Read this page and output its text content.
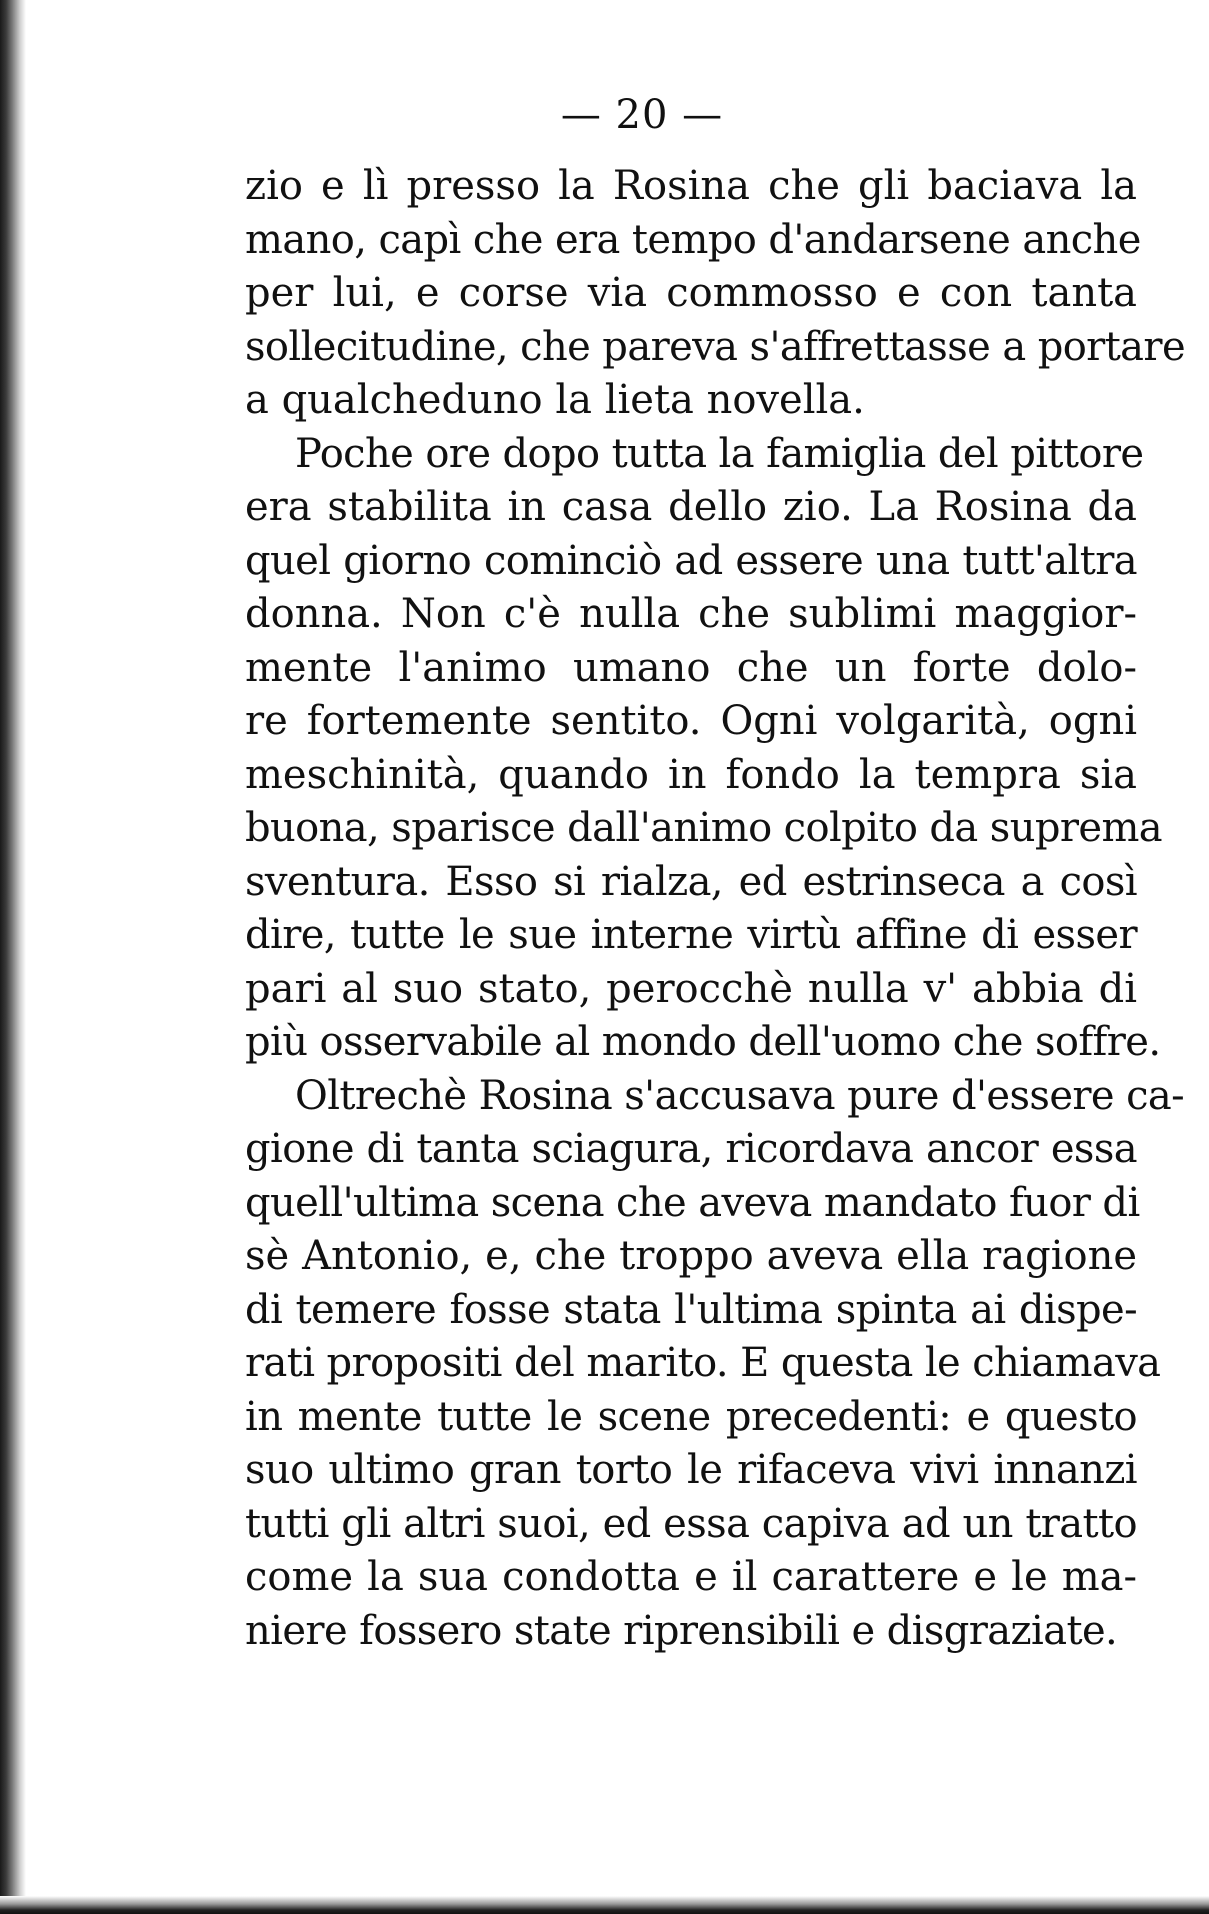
— 20 —
zio e lì presso la Rosina che gli baciava la
mano, capì che era tempo d'andarsene anche
per lui, e corse via commosso e con tanta
sollecitudine, che pareva s'affrettasse a portare
a qualcheduno la lieta novella.
Poche ore dopo tutta la famiglia del pittore
era stabilita in casa dello zio. La Rosina da
quel giorno cominciò ad essere una tutt'altra
donna. Non c'è nulla che sublimi maggior-
mente l'animo umano che un forte dolo-
re fortemente sentito. Ogni volgarità, ogni
meschinità, quando in fondo la tempra sia
buona, sparisce dall'animo colpito da suprema
sventura. Esso si rialza, ed estrinseca a così
dire, tutte le sue interne virtù affine di esser
pari al suo stato, perocchè nulla v' abbia di
più osservabile al mondo dell'uomo che soffre.
Oltrechè Rosina s'accusava pure d'essere ca-
gione di tanta sciagura, ricordava ancor essa
quell'ultima scena che aveva mandato fuor di
sè Antonio, e, che troppo aveva ella ragione
di temere fosse stata l'ultima spinta ai dispe-
rati propositi del marito. E questa le chiamava
in mente tutte le scene precedenti: e questo
suo ultimo gran torto le rifaceva vivi innanzi
tutti gli altri suoi, ed essa capiva ad un tratto
come la sua condotta e il carattere e le ma-
niere fossero state riprensibili e disgraziate.
